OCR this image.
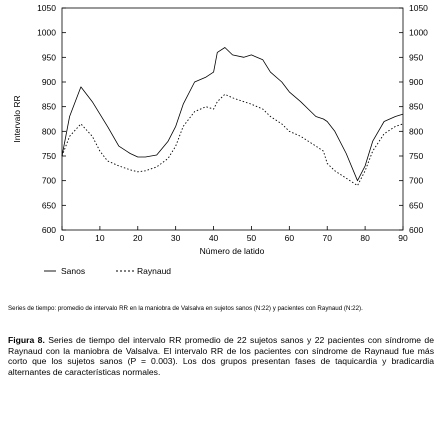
600	600
650	650
700	700
750	750
800	800
850	850
900	900
950	950
1000	1000
1050	1050
0	10	20	30	40	50	60	70	80	90
Intervalo RR
Número de latido
Sanos	Raynaud
Series de tiempo: promedio de intervalo RR en la maniobra de Valsalva en sujetos sanos (N:22) y pacientes con Raynaud (N:22).
Figura 8. Series de tiempo del intervalo RR promedio de 22 sujetos sanos y 22 pacientes con síndrome de Raynaud con la maniobra de Valsalva. El intervalo RR de los pacientes con síndrome de Raynaud fue más corto que los sujetos sanos (P = 0.003). Los dos grupos presentan fases de taquicardia y bradicardia alternantes de características normales.
